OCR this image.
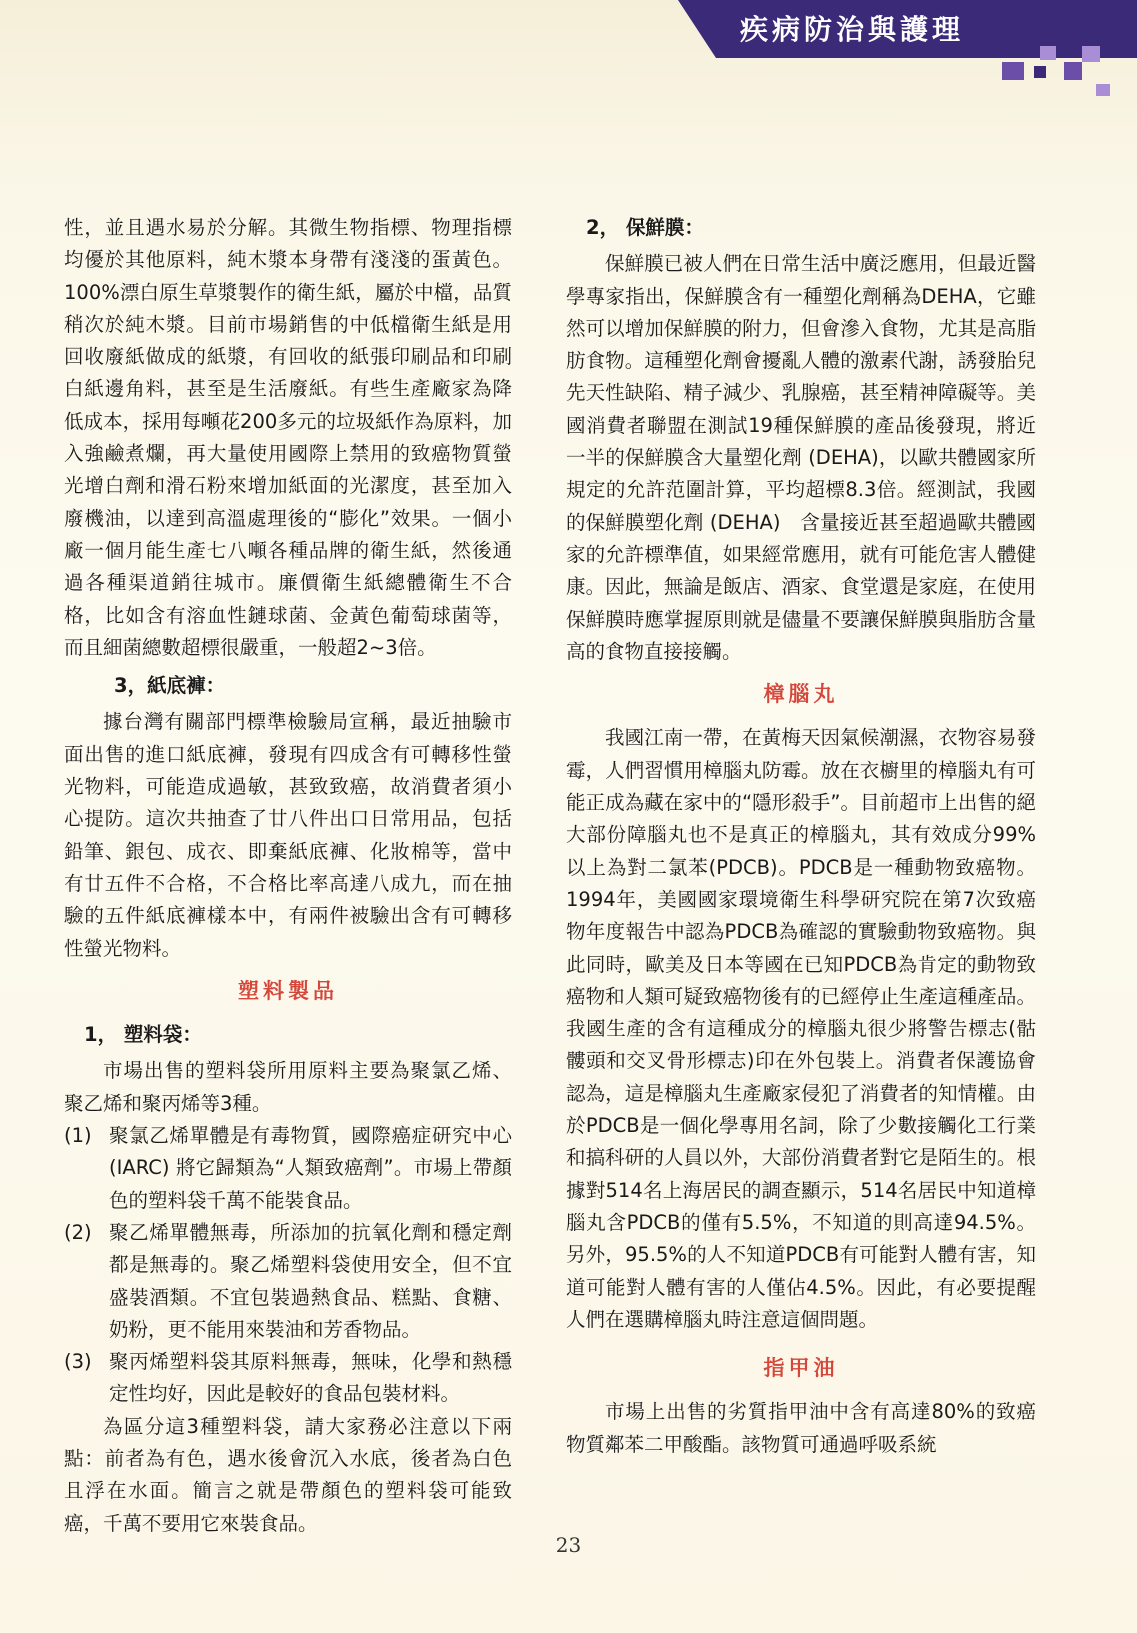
疾病防治與護理

性，並且遇水易於分解。其微生物指標、物理指標均優於其他原料，純木漿本身帶有淺淺的蛋黃色。100%漂白原生草漿製作的衛生紙，屬於中檔，品質稍次於純木漿。目前市場銷售的中低檔衛生紙是用回收廢紙做成的紙漿，有回收的紙張印刷品和印刷白紙邊角料，甚至是生活廢紙。有些生產廠家為降低成本，採用每噸花200多元的垃圾紙作為原料，加入強鹼煮爛，再大量使用國際上禁用的致癌物質螢光增白劑和滑石粉來增加紙面的光潔度，甚至加入廢機油，以達到高溫處理後的“膨化”效果。一個小廠一個月能生產七八噸各種品牌的衛生紙，然後通過各種渠道銷往城市。廉價衛生紙總體衛生不合格，比如含有溶血性鏈球菌、金黃色葡萄球菌等，而且細菌總數超標很嚴重，一般超2~3倍。

3，紙底褲：

據台灣有關部門標準檢驗局宣稱，最近抽驗市面出售的進口紙底褲，發現有四成含有可轉移性螢光物料，可能造成過敏，甚致致癌，故消費者須小心提防。這次共抽查了廿八件出口日常用品，包括鉛筆、銀包、成衣、即棄紙底褲、化妝棉等，當中有廿五件不合格，不合格比率高達八成九，而在抽驗的五件紙底褲樣本中，有兩件被驗出含有可轉移性螢光物料。

塑料製品
1， 塑料袋：

市場出售的塑料袋所用原料主要為聚氯乙烯、聚乙烯和聚丙烯等3種。

(1) 聚氯乙烯單體是有毒物質，國際癌症研究中心 (IARC) 將它歸類為“人類致癌劑”。市場上帶顏色的塑料袋千萬不能裝食品。
(2) 聚乙烯單體無毒，所添加的抗氧化劑和穩定劑都是無毒的。聚乙烯塑料袋使用安全，但不宜盛裝酒類。不宜包裝過熱食品、糕點、食糖、奶粉，更不能用來裝油和芳香物品。
(3) 聚丙烯塑料袋其原料無毒，無味，化學和熱穩定性均好，因此是較好的食品包裝材料。

為區分這3種塑料袋，請大家務必注意以下兩點：前者為有色，遇水後會沉入水底，後者為白色且浮在水面。簡言之就是帶顏色的塑料袋可能致癌，千萬不要用它來裝食品。

2， 保鮮膜：

保鮮膜已被人們在日常生活中廣泛應用，但最近醫學專家指出，保鮮膜含有一種塑化劑稱為DEHA，它雖然可以增加保鮮膜的附力，但會滲入食物，尤其是高脂肪食物。這種塑化劑會擾亂人體的激素代謝，誘發胎兒先天性缺陷、精子減少、乳腺癌，甚至精神障礙等。美國消費者聯盟在測試19種保鮮膜的產品後發現，將近一半的保鮮膜含大量塑化劑 (DEHA)，以歐共體國家所規定的允許范圍計算，平均超標8.3倍。經測試，我國的保鮮膜塑化劑 (DEHA)　含量接近甚至超過歐共體國家的允許標準值，如果經常應用，就有可能危害人體健康。因此，無論是飯店、酒家、食堂還是家庭，在使用保鮮膜時應掌握原則就是儘量不要讓保鮮膜與脂肪含量高的食物直接接觸。

樟腦丸

我國江南一帶，在黃梅天因氣候潮濕，衣物容易發霉，人們習慣用樟腦丸防霉。放在衣櫥里的樟腦丸有可能正成為藏在家中的“隱形殺手”。目前超市上出售的絕大部份障腦丸也不是真正的樟腦丸，其有效成分99%以上為對二氯苯(PDCB)。PDCB是一種動物致癌物。1994年，美國國家環境衛生科學研究院在第7次致癌物年度報告中認為PDCB為確認的實驗動物致癌物。與此同時，歐美及日本等國在已知PDCB為肯定的動物致癌物和人類可疑致癌物後有的已經停止生產這種產品。我國生產的含有這種成分的樟腦丸很少將警告標志(骷髏頭和交叉骨形標志)印在外包裝上。消費者保護協會認為，這是樟腦丸生產廠家侵犯了消費者的知情權。由於PDCB是一個化學專用名詞，除了少數接觸化工行業和搞科研的人員以外，大部份消費者對它是陌生的。根據對514名上海居民的調查顯示，514名居民中知道樟腦丸含PDCB的僅有5.5%，不知道的則高達94.5%。另外，95.5%的人不知道PDCB有可能對人體有害，知道可能對人體有害的人僅佔4.5%。因此，有必要提醒人們在選購樟腦丸時注意這個問題。

指甲油

市場上出售的劣質指甲油中含有高達80%的致癌物質鄰苯二甲酸酯。該物質可通過呼吸系統

23
